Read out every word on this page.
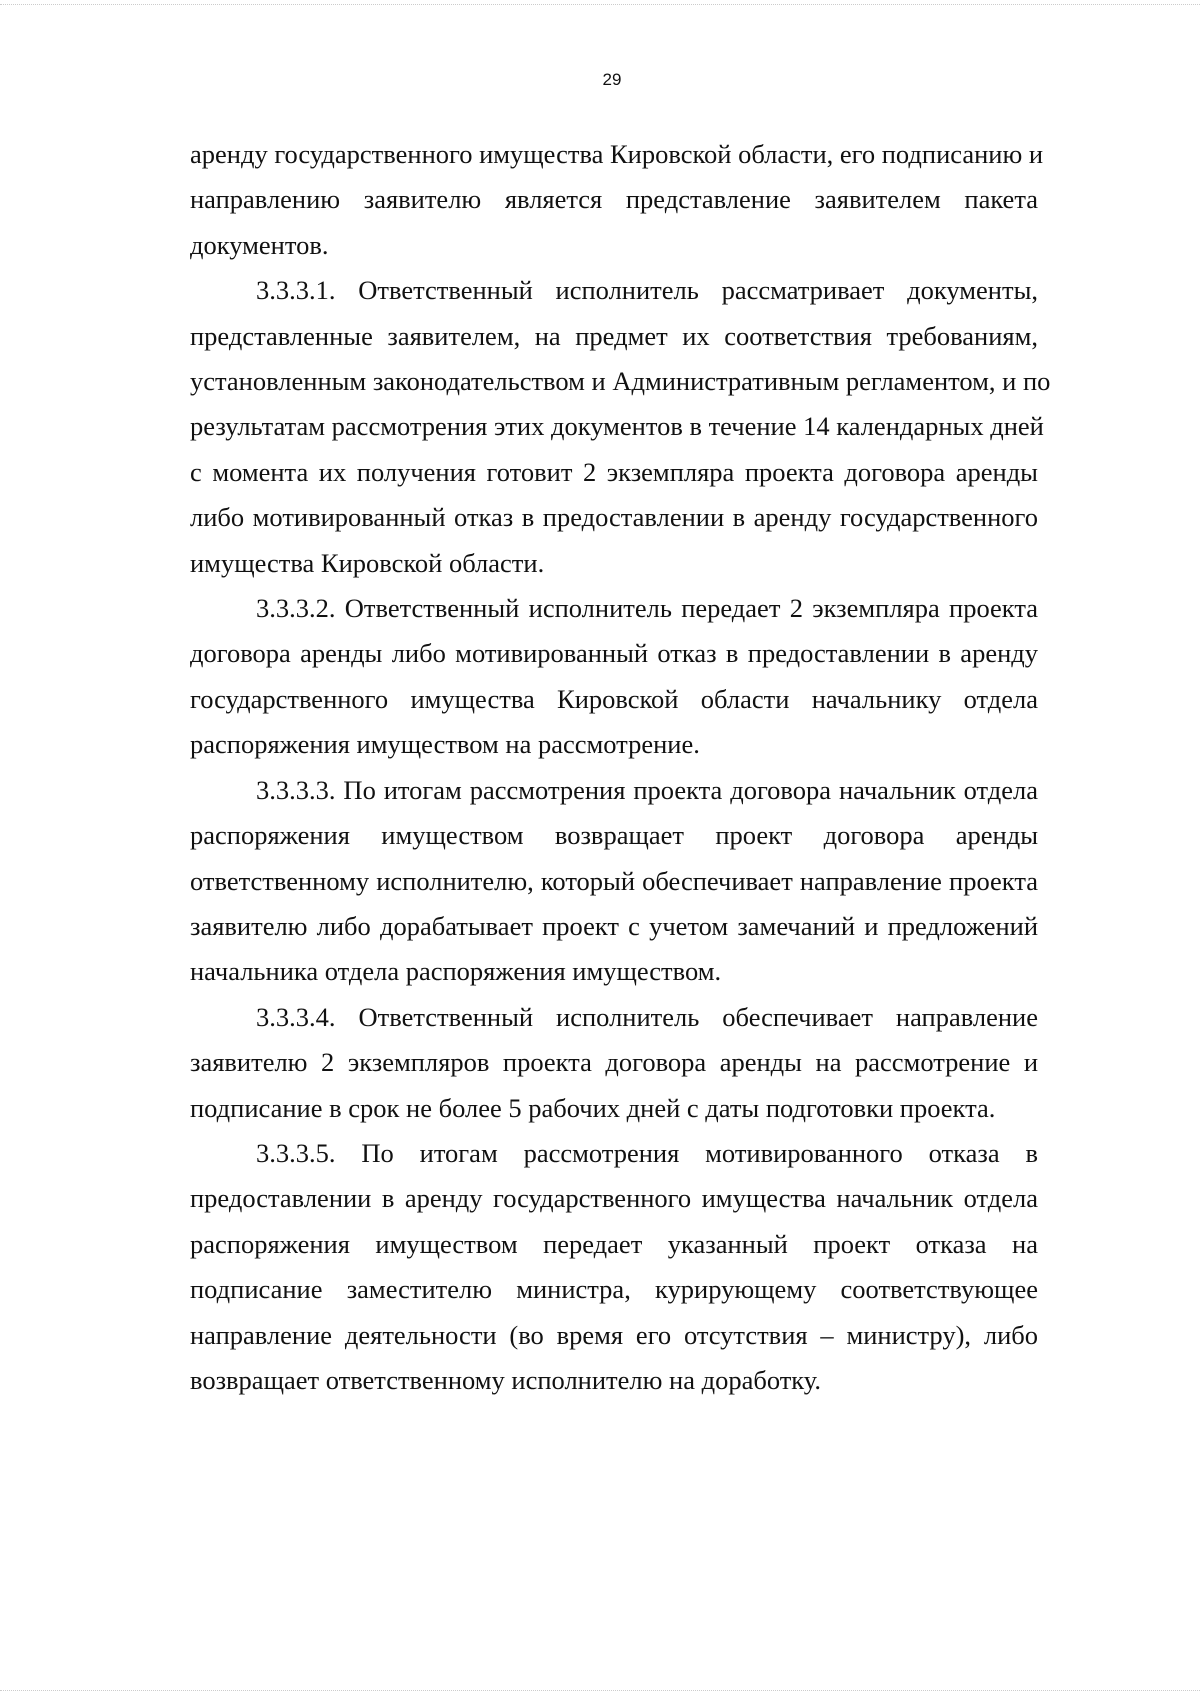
29
аренду государственного имущества Кировской области, его подписанию и
направлению заявителю является представление заявителем пакета
документов.
3.3.3.1. Ответственный исполнитель рассматривает документы,
представленные заявителем, на предмет их соответствия требованиям,
установленным законодательством и Административным регламентом, и по
результатам рассмотрения этих документов в течение 14 календарных дней
с момента их получения готовит 2 экземпляра проекта договора аренды
либо мотивированный отказ в предоставлении в аренду государственного
имущества Кировской области.
3.3.3.2. Ответственный исполнитель передает 2 экземпляра проекта
договора аренды либо мотивированный отказ в предоставлении в аренду
государственного имущества Кировской области начальнику отдела
распоряжения имуществом на рассмотрение.
3.3.3.3. По итогам рассмотрения проекта договора начальник отдела
распоряжения имуществом возвращает проект договора аренды
ответственному исполнителю, который обеспечивает направление проекта
заявителю либо дорабатывает проект с учетом замечаний и предложений
начальника отдела распоряжения имуществом.
3.3.3.4. Ответственный исполнитель обеспечивает направление
заявителю 2 экземпляров проекта договора аренды на рассмотрение и
подписание в срок не более 5 рабочих дней с даты подготовки проекта.
3.3.3.5. По итогам рассмотрения мотивированного отказа в
предоставлении в аренду государственного имущества начальник отдела
распоряжения имуществом передает указанный проект отказа на
подписание заместителю министра, курирующему соответствующее
направление деятельности (во время его отсутствия – министру), либо
возвращает ответственному исполнителю на доработку.
